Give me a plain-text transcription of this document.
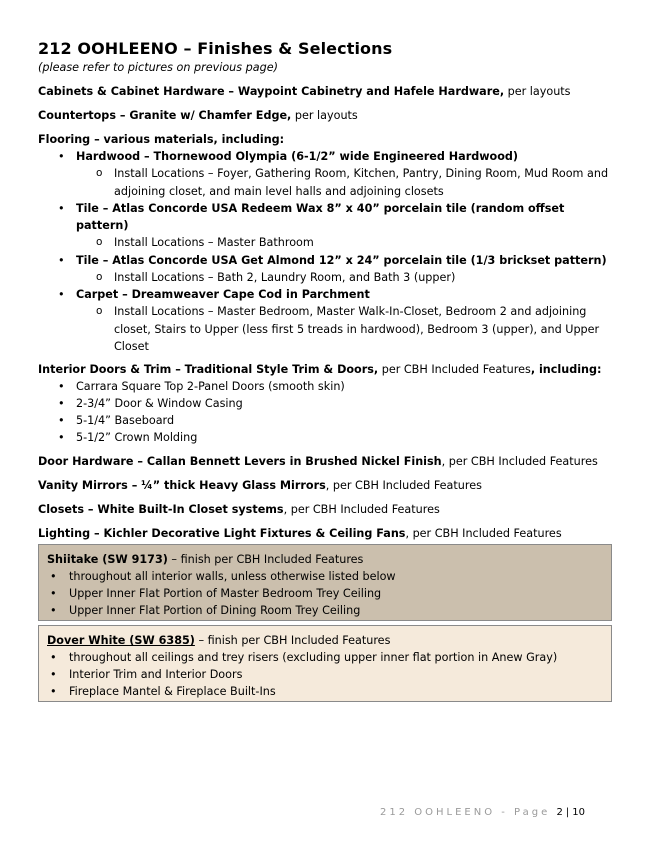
212 OOHLEENO – Finishes & Selections

(please refer to pictures on previous page)

Cabinets & Cabinet Hardware – Waypoint Cabinetry and Hafele Hardware, per layouts

Countertops – Granite w/ Chamfer Edge, per layouts

Flooring – various materials, including:

• Hardwood – Thornewood Olympia (6-1/2” wide Engineered Hardwood)
o Install Locations – Foyer, Gathering Room, Kitchen, Pantry, Dining Room, Mud Room and adjoining closet, and main level halls and adjoining closets
• Tile – Atlas Concorde USA Redeem Wax 8” x 40” porcelain tile (random offset pattern)
o Install Locations – Master Bathroom
• Tile – Atlas Concorde USA Get Almond 12” x 24” porcelain tile (1/3 brickset pattern)
o Install Locations – Bath 2, Laundry Room, and Bath 3 (upper)
• Carpet – Dreamweaver Cape Cod in Parchment
o Install Locations – Master Bedroom, Master Walk-In-Closet, Bedroom 2 and adjoining closet, Stairs to Upper (less first 5 treads in hardwood), Bedroom 3 (upper), and Upper Closet

Interior Doors & Trim – Traditional Style Trim & Doors, per CBH Included Features, including:

• Carrara Square Top 2-Panel Doors (smooth skin)
• 2-3/4” Door & Window Casing
• 5-1/4” Baseboard
• 5-1/2” Crown Molding

Door Hardware – Callan Bennett Levers in Brushed Nickel Finish, per CBH Included Features

Vanity Mirrors – ¼” thick Heavy Glass Mirrors, per CBH Included Features

Closets – White Built-In Closet systems, per CBH Included Features

Lighting – Kichler Decorative Light Fixtures & Ceiling Fans, per CBH Included Features

Shiitake (SW 9173) – finish per CBH Included Features

• throughout all interior walls, unless otherwise listed below
• Upper Inner Flat Portion of Master Bedroom Trey Ceiling
• Upper Inner Flat Portion of Dining Room Trey Ceiling

Dover White (SW 6385) – finish per CBH Included Features

• throughout all ceilings and trey risers (excluding upper inner flat portion in Anew Gray)
• Interior Trim and Interior Doors
• Fireplace Mantel & Fireplace Built-Ins
212 OOHLEENO - Page 2 | 10
